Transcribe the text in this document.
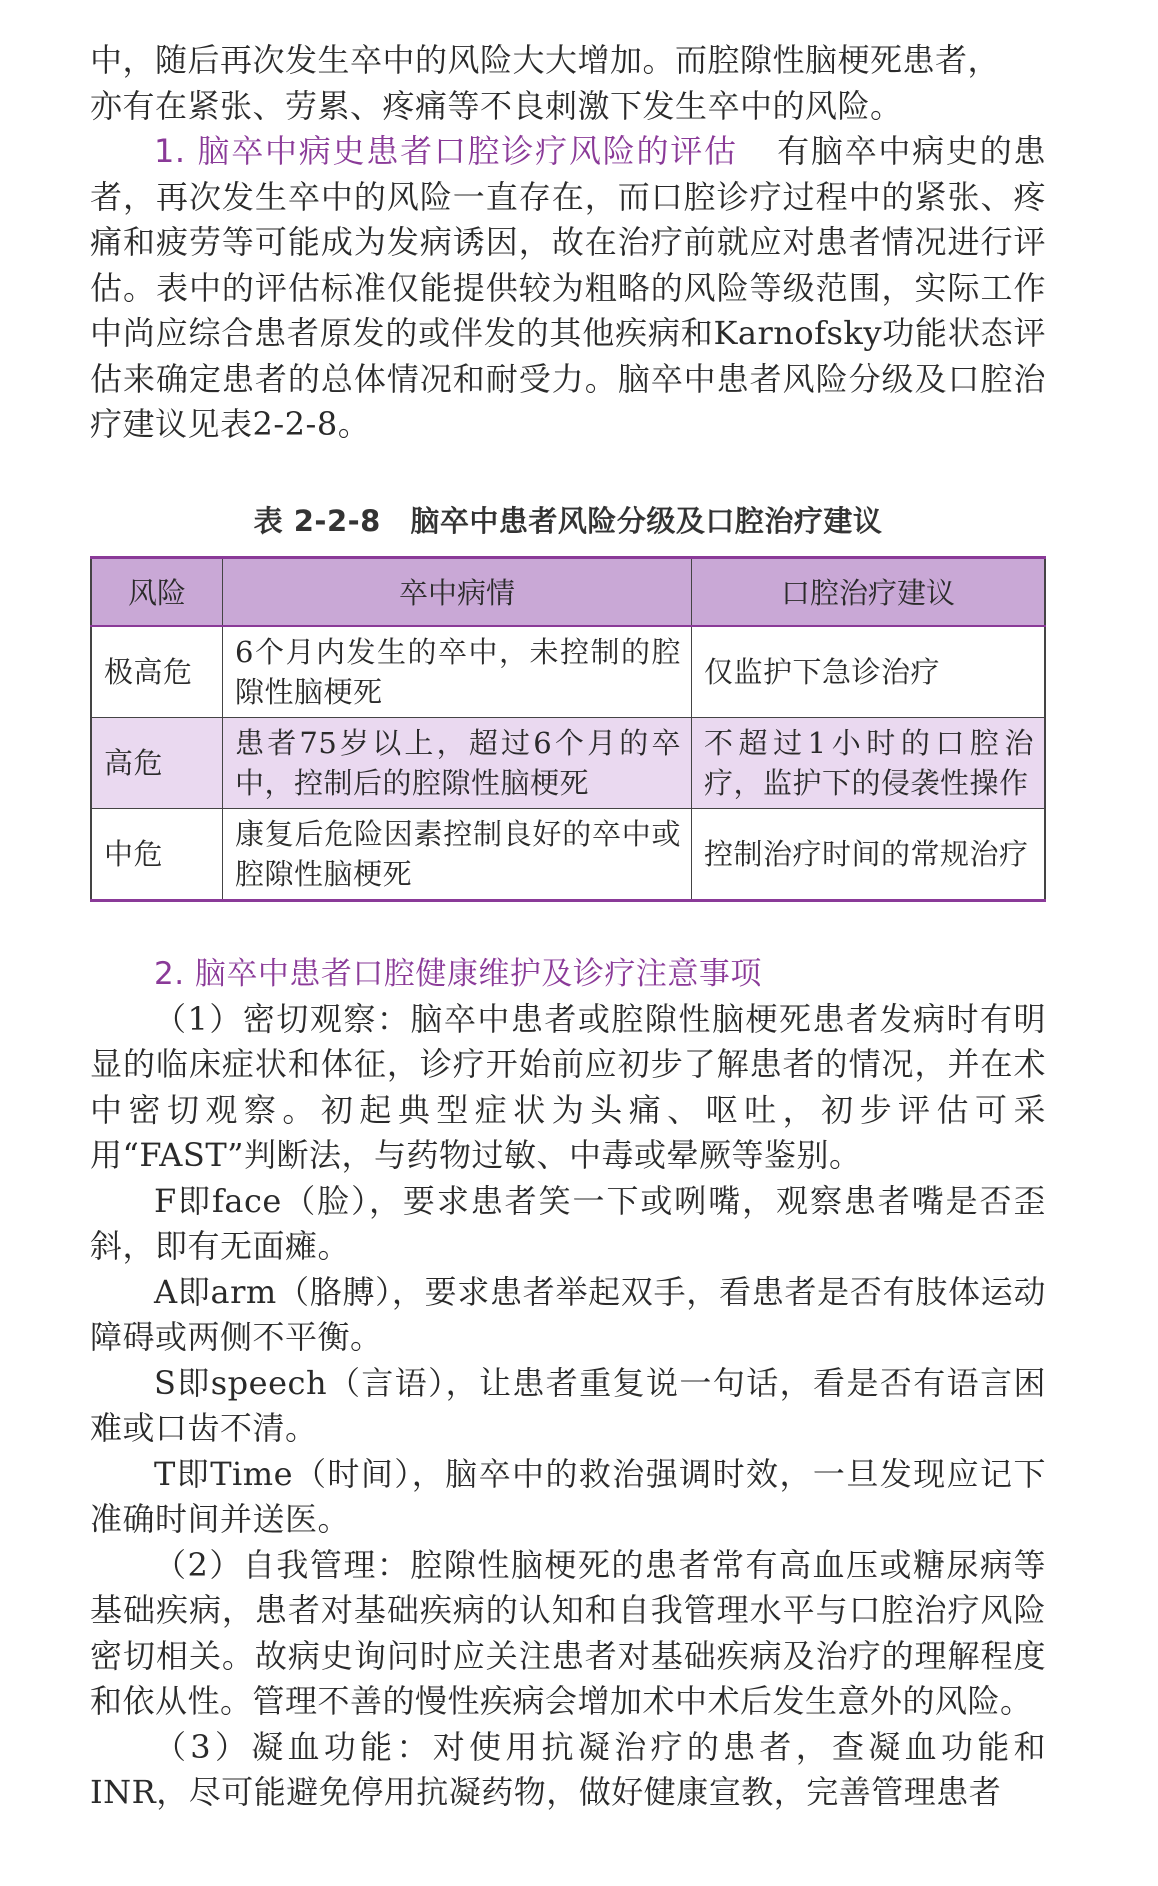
中，随后再次发生卒中的风险大大增加。而腔隙性脑梗死患者，
亦有在紧张、劳累、疼痛等不良刺激下发生卒中的风险。

1. 脑卒中病史患者口腔诊疗风险的评估 有脑卒中病史的患者，再次发生卒中的风险一直存在，而口腔诊疗过程中的紧张、疼痛和疲劳等可能成为发病诱因，故在治疗前就应对患者情况进行评估。表中的评估标准仅能提供较为粗略的风险等级范围，实际工作中尚应综合患者原发的或伴发的其他疾病和Karnofsky功能状态评估来确定患者的总体情况和耐受力。脑卒中患者风险分级及口腔治疗建议见表2-2-8。

表 2-2-8　脑卒中患者风险分级及口腔治疗建议
风险	卒中病情	口腔治疗建议
极高危	6个月内发生的卒中，未控制的腔隙性脑梗死	仅监护下急诊治疗
高危	患者75岁以上，超过6个月的卒中，控制后的腔隙性脑梗死	不超过1小时的口腔治疗，监护下的侵袭性操作
中危	康复后危险因素控制良好的卒中或腔隙性脑梗死	控制治疗时间的常规治疗
2. 脑卒中患者口腔健康维护及诊疗注意事项

（1）密切观察：脑卒中患者或腔隙性脑梗死患者发病时有明显的临床症状和体征，诊疗开始前应初步了解患者的情况，并在术中密切观察。初起典型症状为头痛、呕吐，初步评估可采用“FAST”判断法，与药物过敏、中毒或晕厥等鉴别。

F即face（脸），要求患者笑一下或咧嘴，观察患者嘴是否歪斜，即有无面瘫。

A即arm（胳膊），要求患者举起双手，看患者是否有肢体运动障碍或两侧不平衡。

S即speech（言语），让患者重复说一句话，看是否有语言困难或口齿不清。

T即Time（时间），脑卒中的救治强调时效，一旦发现应记下准确时间并送医。

（2）自我管理：腔隙性脑梗死的患者常有高血压或糖尿病等基础疾病，患者对基础疾病的认知和自我管理水平与口腔治疗风险密切相关。故病史询问时应关注患者对基础疾病及治疗的理解程度和依从性。管理不善的慢性疾病会增加术中术后发生意外的风险。

（3）凝血功能：对使用抗凝治疗的患者，查凝血功能和INR，尽可能避免停用抗凝药物，做好健康宣教，完善管理患者
